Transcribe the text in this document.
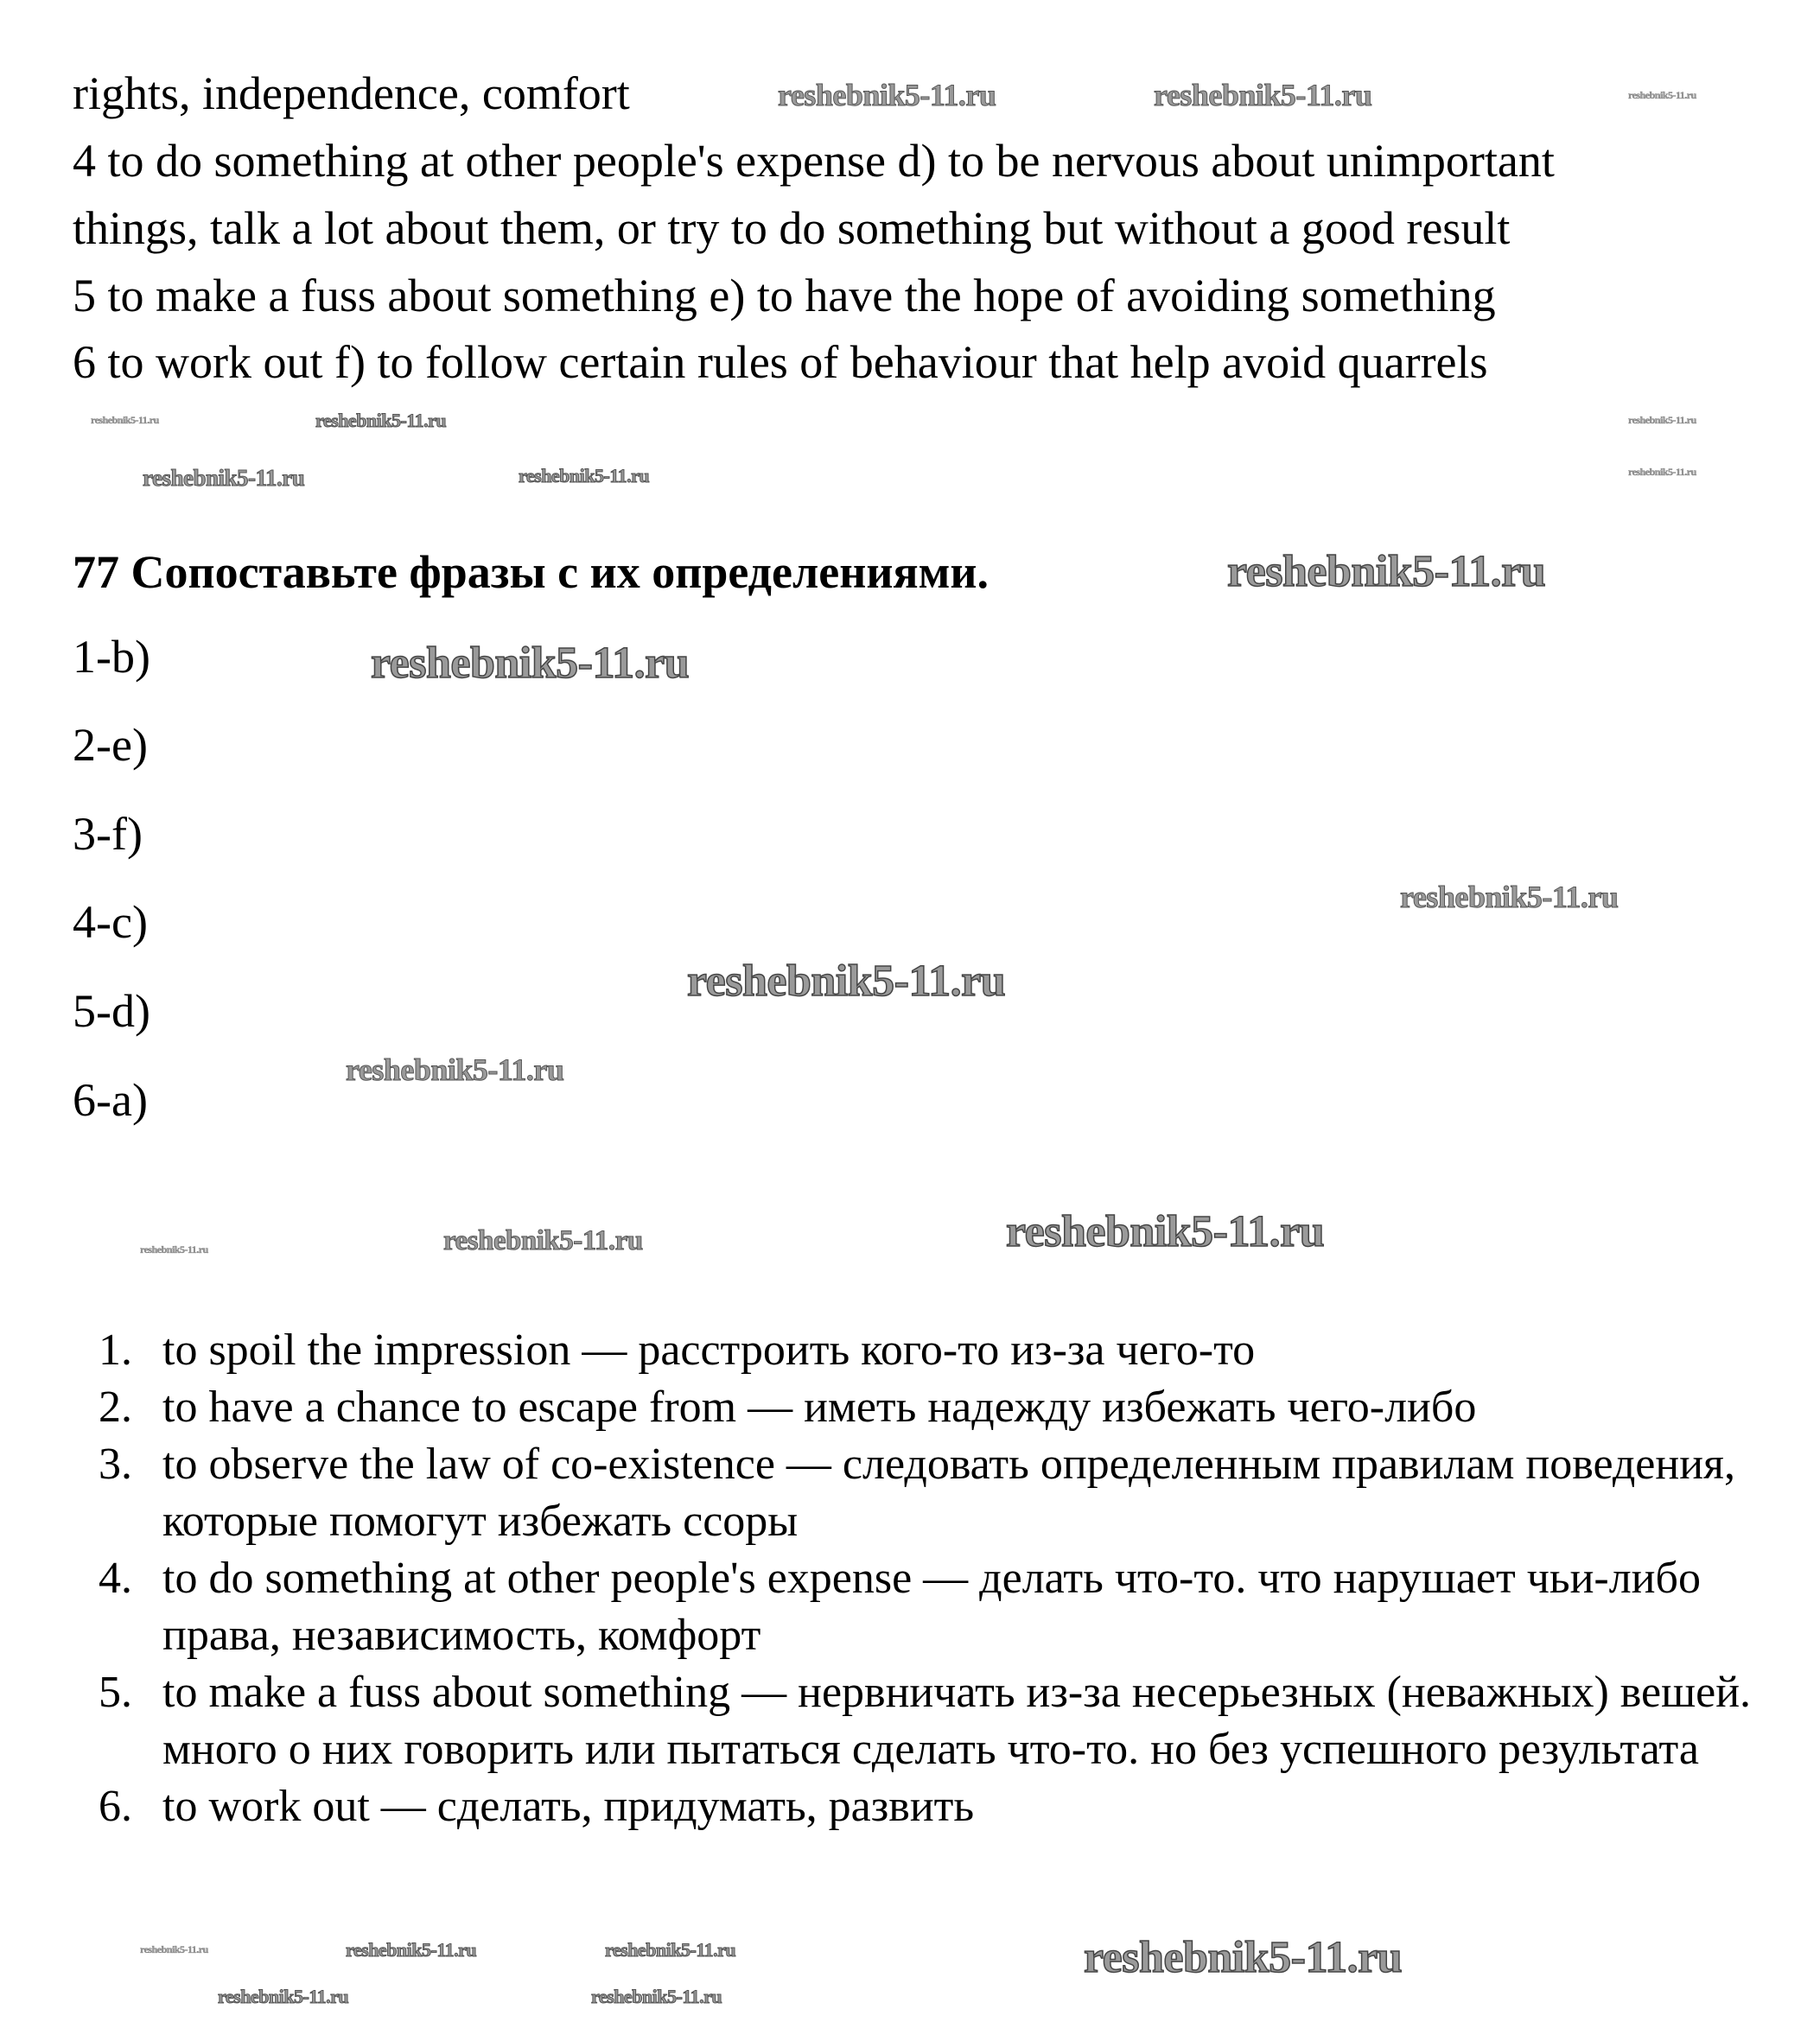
rights, independence, comfort
4 to do something at other people's expense d) to be nervous about unimportant
things, talk a lot about them, or try to do something but without a good result
5 to make a fuss about something e) to have the hope of avoiding something
6 to work out f) to follow certain rules of behaviour that help avoid quarrels
77 Сопоставьте фразы с их определениями.
1-b)
2-e)
3-f)
4-c)
5-d)
6-a)
1. to spoil the impression — расстроить кого-то из-за чего-то
2. to have a chance to escape from — иметь надежду избежать чего-либо
3. to observe the law of co-existence — следовать определенным правилам поведения, которые помогут избежать ссоры
4. to do something at other people's expense — делать что-то. что нарушает чьи-либо права, независимость, комфорт
5. to make a fuss about something — нервничать из-за несерьезных (неважных) вешей. много о них говорить или пытаться сделать что-то. но без успешного результата
6. to work out — сделать, придумать, развить
reshebnik5-11.ru	reshebnik5-11.ru	reshebnik5-11.ru
reshebnik5-11.ru	reshebnik5-11.ru	reshebnik5-11.ru
reshebnik5-11.ru
reshebnik5-11.ru	reshebnik5-11.ru
reshebnik5-11.ru
reshebnik5-11.ru
reshebnik5-11.ru
reshebnik5-11.ru
reshebnik5-11.ru
reshebnik5-11.ru	reshebnik5-11.ru	reshebnik5-11.ru
reshebnik5-11.ru	reshebnik5-11.ru	reshebnik5-11.ru	reshebnik5-11.ru
reshebnik5-11.ru	reshebnik5-11.ru
